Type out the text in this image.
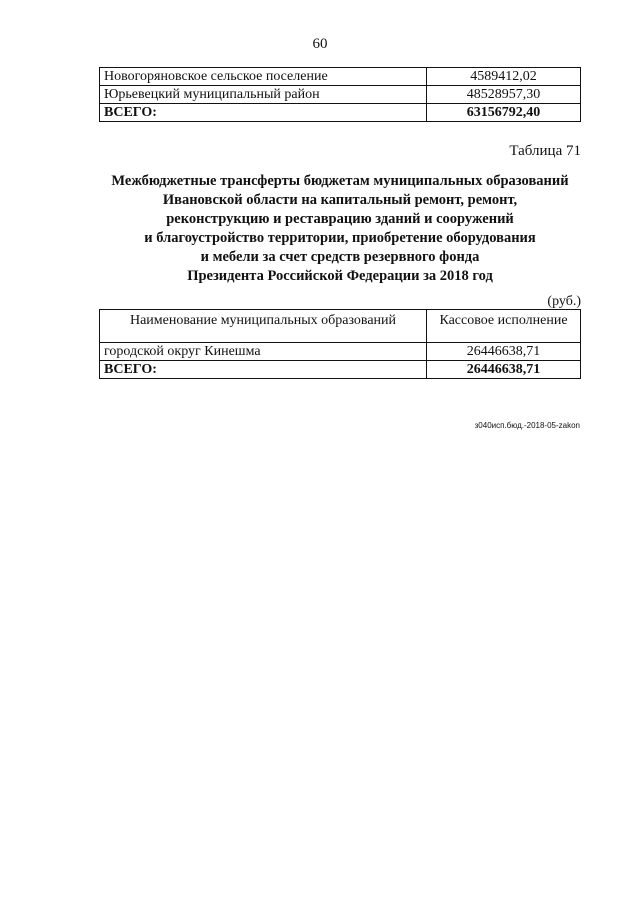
60
Новогоряновское сельское поселение	4589412,02
Юрьевецкий муниципальный район	48528957,30
ВСЕГО:	63156792,40
Таблица 71
Межбюджетные трансферты бюджетам муниципальных образований
Ивановской области на капитальный ремонт, ремонт,
реконструкцию и реставрацию зданий и сооружений
и благоустройство территории, приобретение оборудования
и мебели за счет средств резервного фонда
Президента Российской Федерации за 2018 год
(руб.)
Наименование муниципальных образований	Кассовое исполнение
городской округ Кинешма	26446638,71
ВСЕГО:	26446638,71
з040исп.бюд.-2018-05-zakon
